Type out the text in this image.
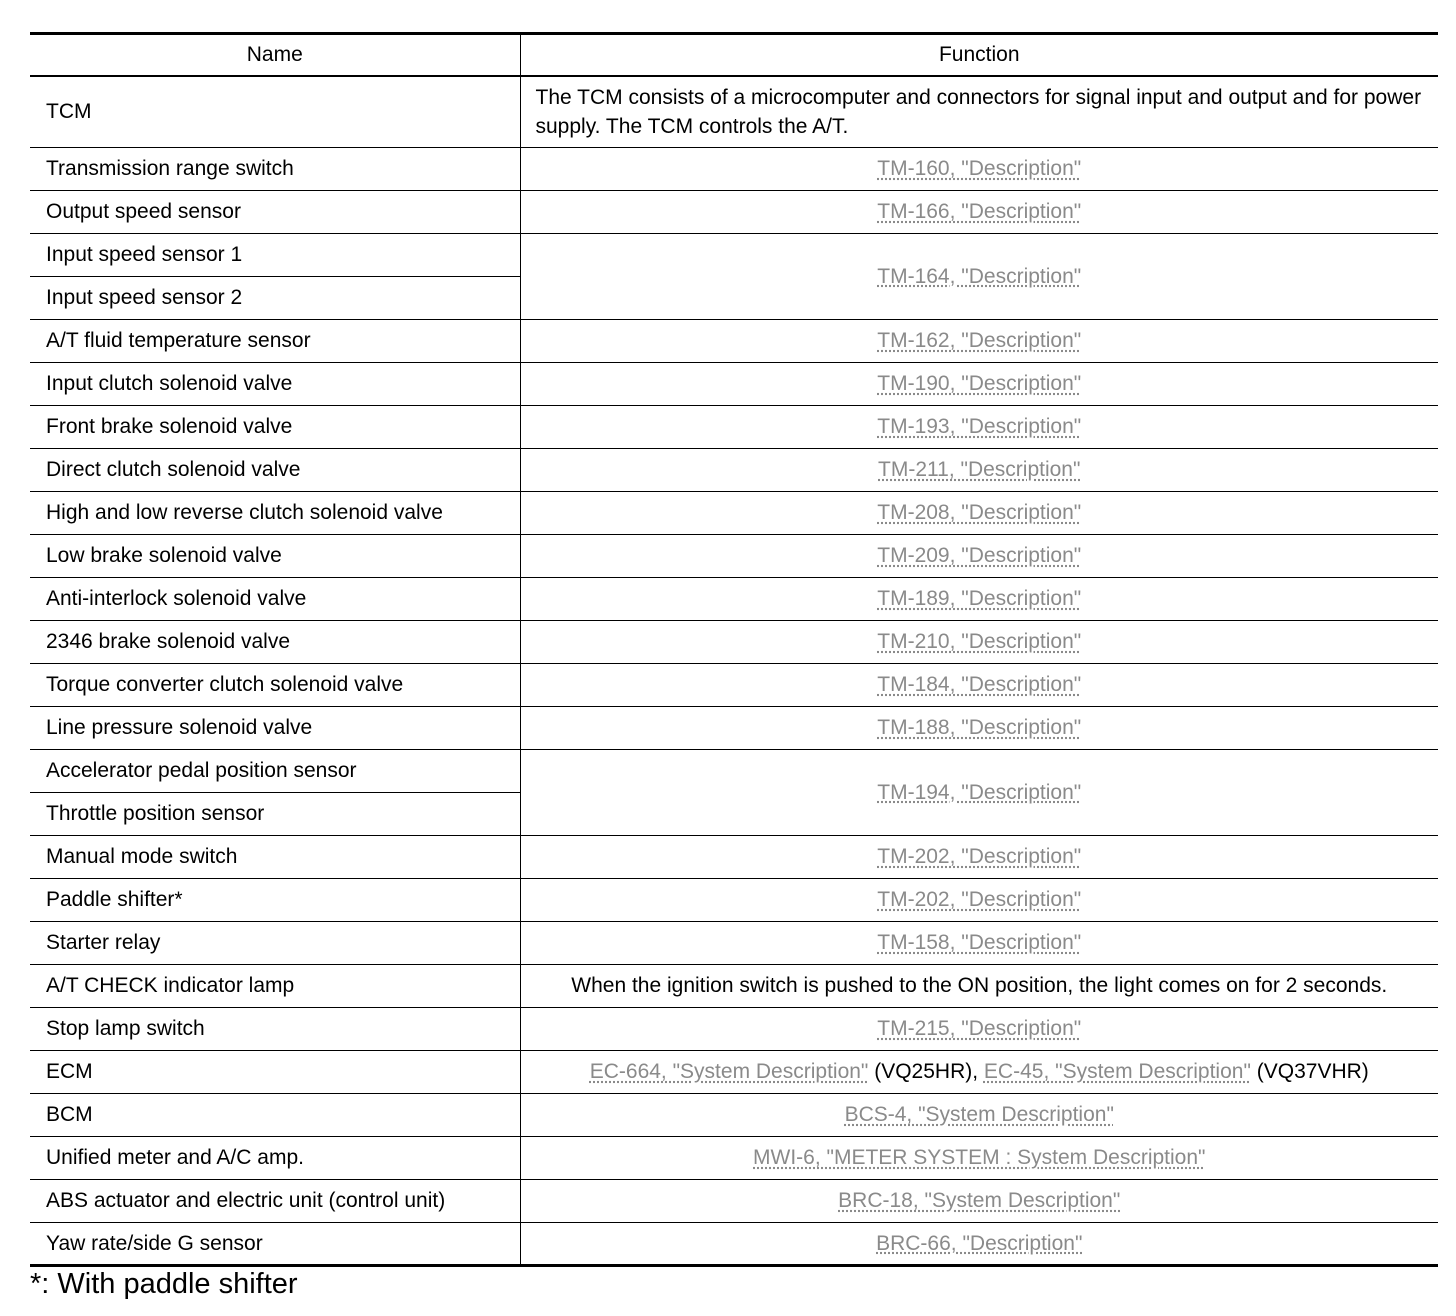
Name	Function
TCM	The TCM consists of a microcomputer and connectors for signal input and output and for power supply. The TCM controls the A/T.
Transmission range switch	TM-160, "Description"
Output speed sensor	TM-166, "Description"
Input speed sensor 1	TM-164, "Description"
Input speed sensor 2	
A/T fluid temperature sensor	TM-162, "Description"
Input clutch solenoid valve	TM-190, "Description"
Front brake solenoid valve	TM-193, "Description"
Direct clutch solenoid valve	TM-211, "Description"
High and low reverse clutch solenoid valve	TM-208, "Description"
Low brake solenoid valve	TM-209, "Description"
Anti-interlock solenoid valve	TM-189, "Description"
2346 brake solenoid valve	TM-210, "Description"
Torque converter clutch solenoid valve	TM-184, "Description"
Line pressure solenoid valve	TM-188, "Description"
Accelerator pedal position sensor	TM-194, "Description"
Throttle position sensor	
Manual mode switch	TM-202, "Description"
Paddle shifter*	TM-202, "Description"
Starter relay	TM-158, "Description"
A/T CHECK indicator lamp	When the ignition switch is pushed to the ON position, the light comes on for 2 seconds.
Stop lamp switch	TM-215, "Description"
ECM	EC-664, "System Description" (VQ25HR), EC-45, "System Description" (VQ37VHR)
BCM	BCS-4, "System Description"
Unified meter and A/C amp.	MWI-6, "METER SYSTEM : System Description"
ABS actuator and electric unit (control unit)	BRC-18, "System Description"
Yaw rate/side G sensor	BRC-66, "Description"
*: With paddle shifter
